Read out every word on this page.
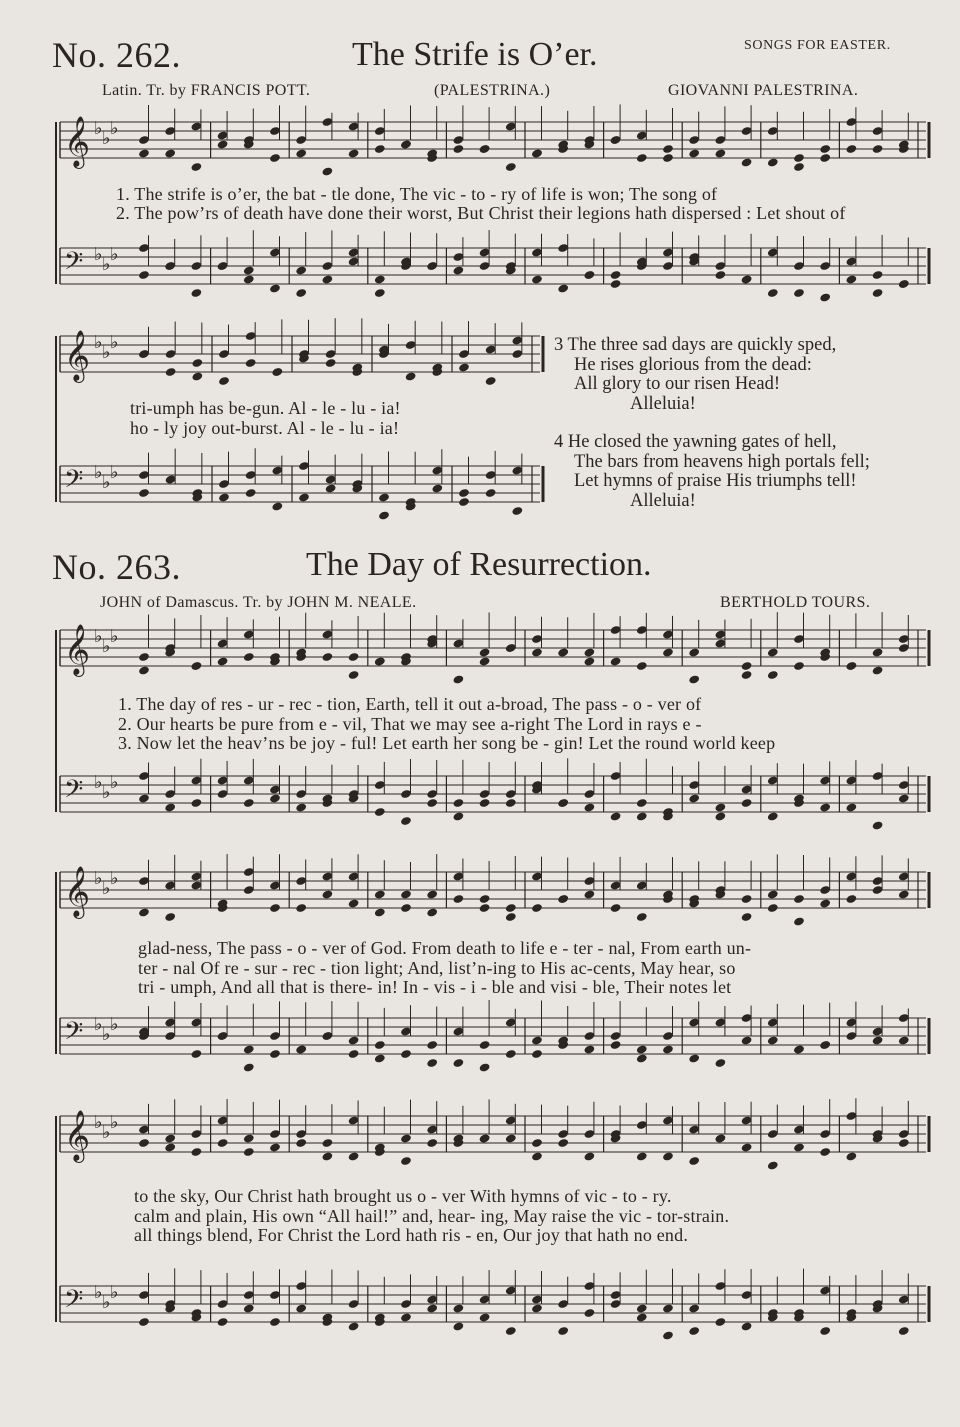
SONGS FOR EASTER.
No. 262.	The Strife is O’er.
Latin. Tr. by FRANCIS POTT.	(PALESTRINA.)	GIOVANNI PALESTRINA.
1. The strife is o’er, the bat - tle done, The vic - to - ry of life is won; The song of
2. The pow’rs of death have done their worst, But Christ their legions hath dispersed : Let shout of
tri-umph has be-gun. Al - le - lu - ia!
ho - ly joy out-burst. Al - le - lu - ia!
3 The three sad days are quickly sped,
He rises glorious from the dead:
All glory to our risen Head!
Alleluia!
4 He closed the yawning gates of hell,
The bars from heavens high portals fell;
Let hymns of praise His triumphs tell!
Alleluia!
No. 263.	The Day of Resurrection.
JOHN of Damascus. Tr. by JOHN M. NEALE.	BERTHOLD TOURS.
1. The day of res - ur - rec - tion, Earth, tell it out a-broad, The pass - o - ver of
2. Our hearts be pure from e - vil, That we may see a-right The Lord in rays e -
3. Now let the heav’ns be joy - ful! Let earth her song be - gin! Let the round world keep
glad-ness, The pass - o - ver of God. From death to life e - ter - nal, From earth un-
ter - nal Of re - sur - rec - tion light; And, list’n-ing to His ac-cents, May hear, so
tri - umph, And all that is there- in! In - vis - i - ble and visi - ble, Their notes let
to the sky, Our Christ hath brought us o - ver With hymns of vic - to - ry.
calm and plain, His own “All hail!” and, hear- ing, May raise the vic - tor-strain.
all things blend, For Christ the Lord hath ris - en, Our joy that hath no end.
𝄞 ♭ ♭ ♭
𝄢 ♭ ♭ ♭
𝄞 ♭ ♭ ♭
𝄢 ♭ ♭ ♭
𝄞 ♭ ♭ ♭
𝄢 ♭ ♭ ♭
𝄞 ♭ ♭ ♭
𝄢 ♭ ♭ ♭
𝄞 ♭ ♭ ♭
𝄢 ♭ ♭ ♭
